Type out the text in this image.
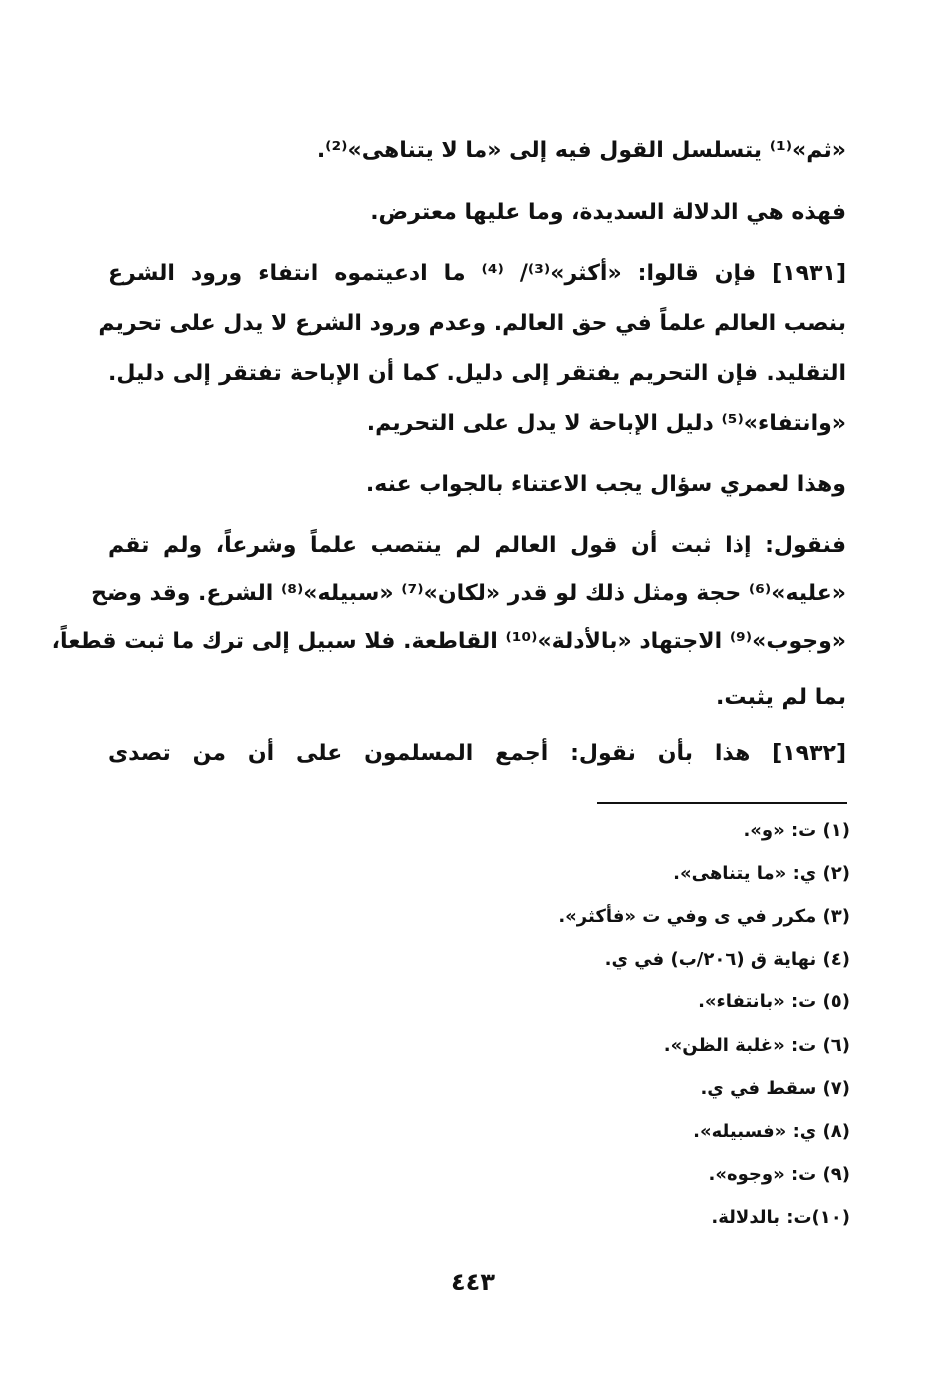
«ثم»⁽¹⁾ يتسلسل القول فيه إلى «ما لا يتناهى»⁽²⁾.
فهذه هي الدلالة السديدة، وما عليها معترض.
[١٩٣١] فإن قالوا: «أكثر»⁽³⁾/ ⁽⁴⁾ ما ادعيتموه انتفاء ورود الشرع
بنصب العالم علماً في حق العالم. وعدم ورود الشرع لا يدل على تحريم
التقليد. فإن التحريم يفتقر إلى دليل. كما أن الإباحة تفتقر إلى دليل.
«وانتفاء»⁽⁵⁾ دليل الإباحة لا يدل على التحريم.
وهذا لعمري سؤال يجب الاعتناء بالجواب عنه.
فنقول: إذا ثبت أن قول العالم لم ينتصب علماً وشرعاً، ولم تقم
«عليه»⁽⁶⁾ حجة ومثل ذلك لو قدر «لكان»⁽⁷⁾ «سبيله»⁽⁸⁾ الشرع. وقد وضح
«وجوب»⁽⁹⁾ الاجتهاد «بالأدلة»⁽¹⁰⁾ القاطعة. فلا سبيل إلى ترك ما ثبت قطعاً،
بما لم يثبت.
[١٩٣٢] هذا بأن نقول: أجمع المسلمون على أن من تصدى
(١) ت: «و».
(٢) ي: «ما يتناهى».
(٣) مكرر في ى وفي ت «فأكثر».
(٤) نهاية ق (٢٠٦/ب) في ي.
(٥) ت: «بانتفاء».
(٦) ت: «غلبة الظن».
(٧) سقط في ي.
(٨) ي: «فسبيله».
(٩) ت: «وجوه».
(١٠)ت: بالدلالة.
٤٤٣
